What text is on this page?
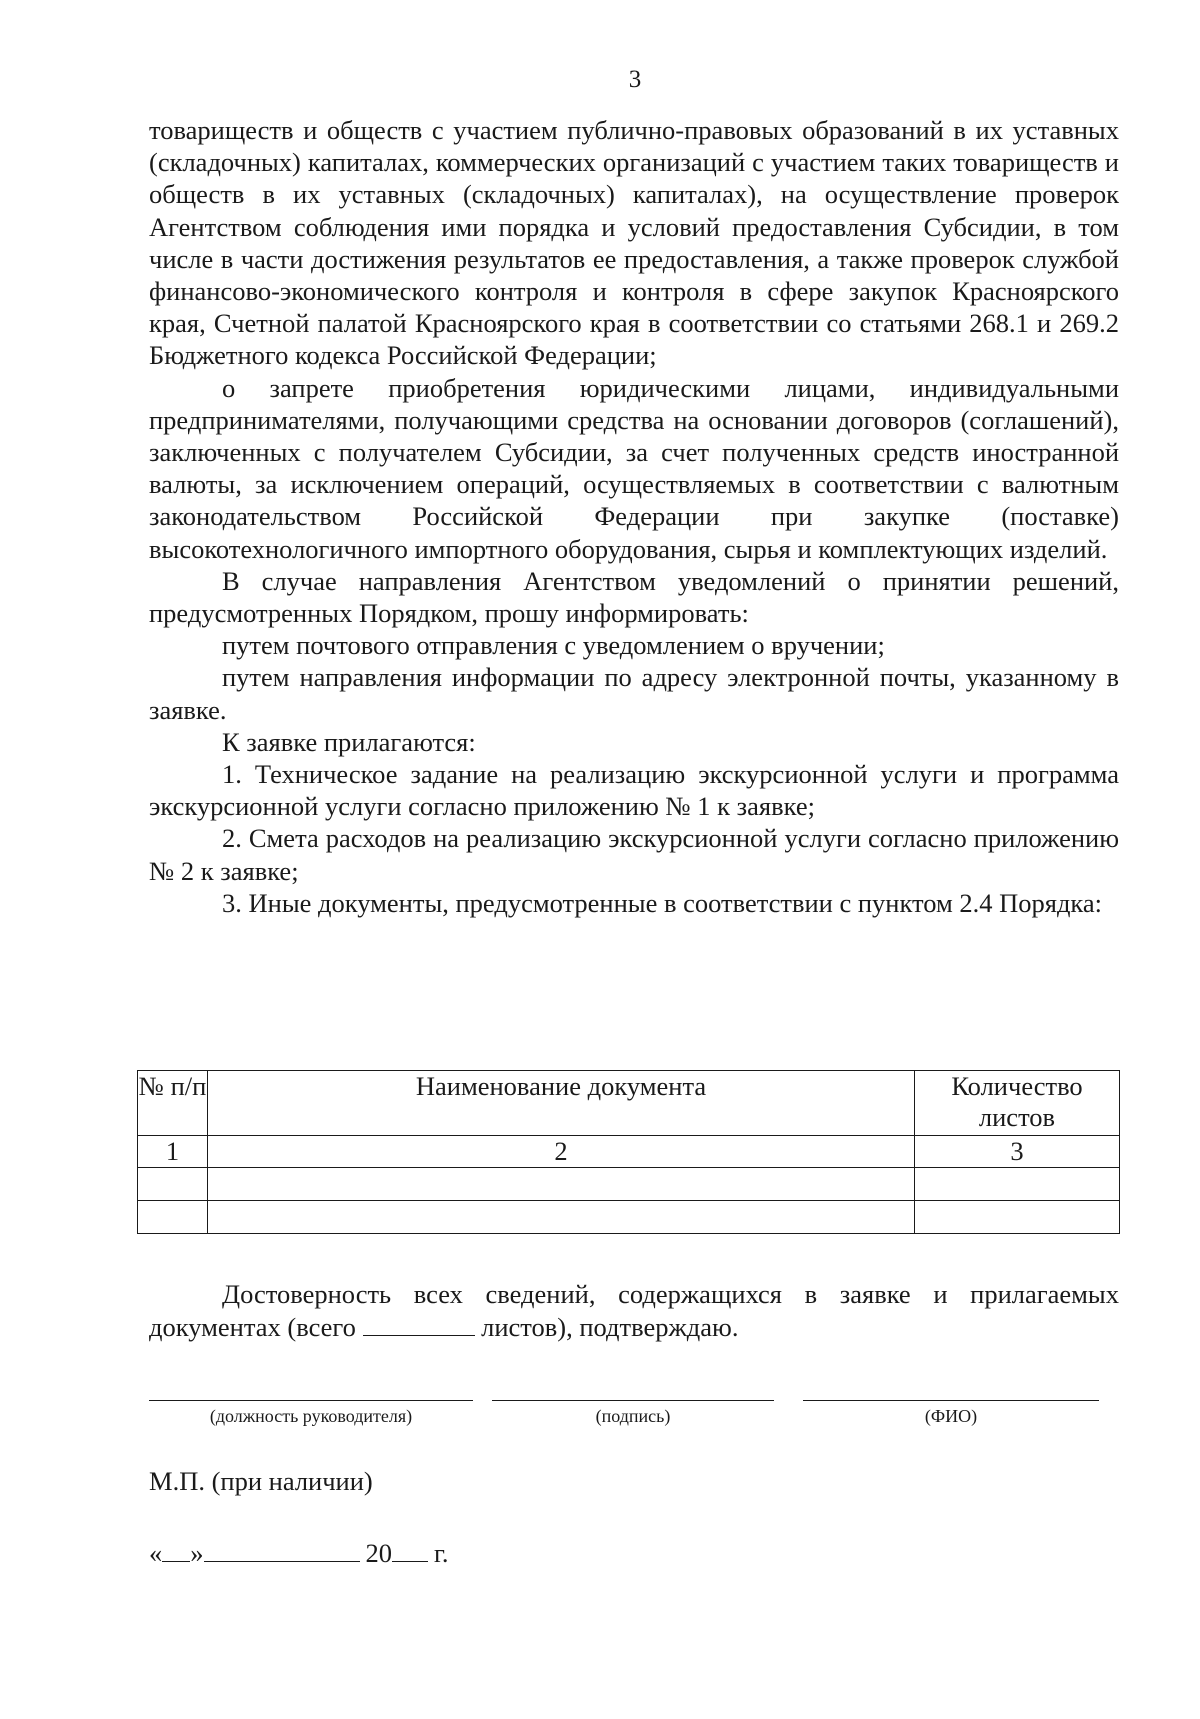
3

товариществ и обществ с участием публично-правовых образований в их уставных (складочных) капиталах, коммерческих организаций с участием таких товариществ и обществ в их уставных (складочных) капиталах), на осуществление проверок Агентством соблюдения ими порядка и условий предоставления Субсидии, в том числе в части достижения результатов ее предоставления, а также проверок службой финансово-экономического контроля и контроля в сфере закупок Красноярского края, Счетной палатой Красноярского края в соответствии со статьями 268.1 и 269.2 Бюджетного кодекса Российской Федерации;

о запрете приобретения юридическими лицами, индивидуальными предпринимателями, получающими средства на основании договоров (соглашений), заключенных с получателем Субсидии, за счет полученных средств иностранной валюты, за исключением операций, осуществляемых в соответствии с валютным законодательством Российской Федерации при закупке (поставке) высокотехнологичного импортного оборудования, сырья и комплектующих изделий.

В случае направления Агентством уведомлений о принятии решений, предусмотренных Порядком, прошу информировать:

путем почтового отправления с уведомлением о вручении;

путем направления информации по адресу электронной почты, указанному в заявке.

К заявке прилагаются:

1. Техническое задание на реализацию экскурсионной услуги и программа экскурсионной услуги согласно приложению № 1 к заявке;

2. Смета расходов на реализацию экскурсионной услуги согласно приложению № 2 к заявке;

3. Иные документы, предусмотренные в соответствии с пунктом 2.4 Порядка:

№ п/п	Наименование документа	Количество листов
1	2	3

Достоверность всех сведений, содержащихся в заявке и прилагаемых

документах (всего	листов), подтверждаю.

(должность руководителя)	(подпись)	(ФИО)
М.П. (при наличии)
« »	20 г.
